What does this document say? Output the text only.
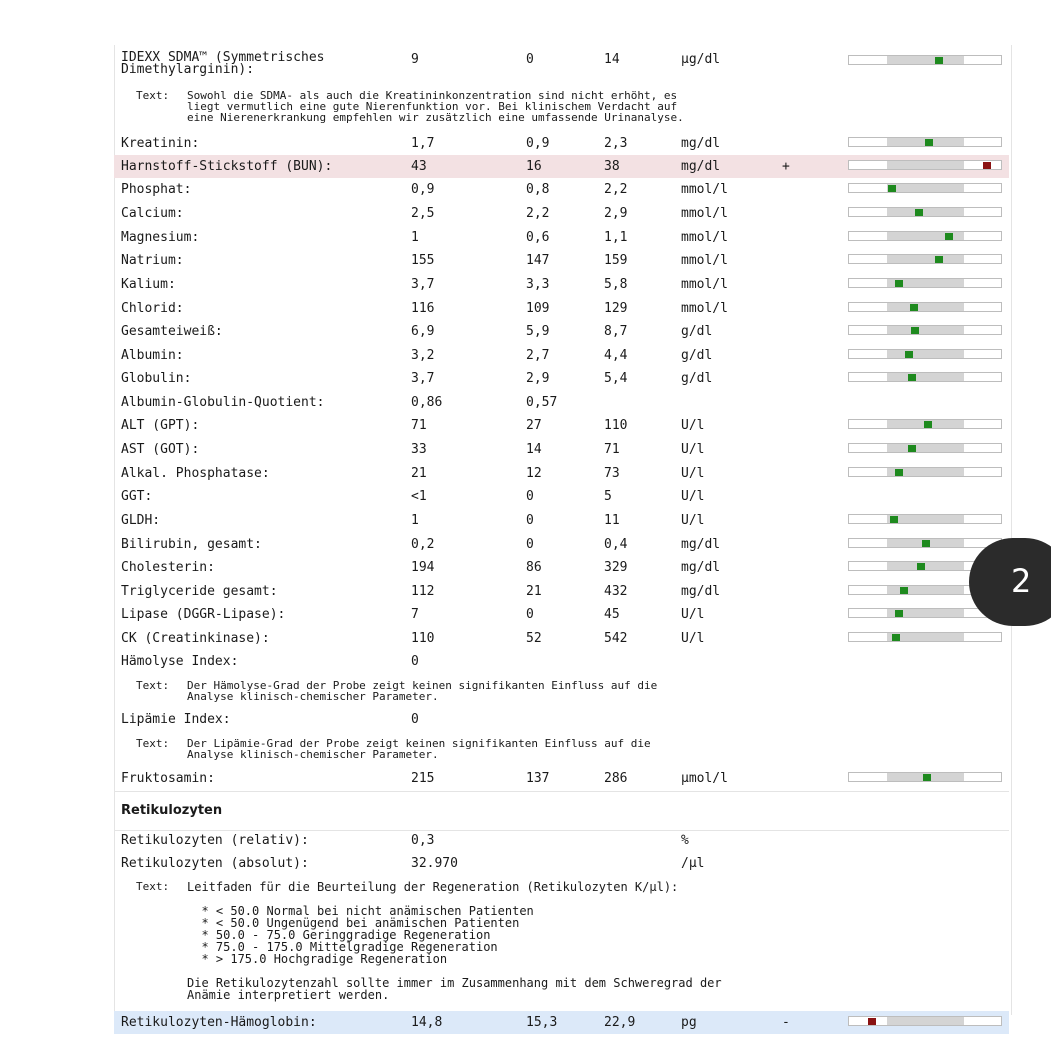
IDEXX SDMA™ (Symmetrisches Dimethylarginin):
9	0	14	µg/dl
Text: Sowohl die SDMA- als auch die Kreatininkonzentration sind nicht erhöht, es
liegt vermutlich eine gute Nierenfunktion vor. Bei klinischem Verdacht auf
eine Nierenerkrankung empfehlen wir zusätzlich eine umfassende Urinanalyse.
Kreatinin:	1,7	0,9	2,3	mg/dl
Harnstoff-Stickstoff (BUN):	43	16	38	mg/dl	+
Phosphat:	0,9	0,8	2,2	mmol/l
Calcium:	2,5	2,2	2,9	mmol/l
Magnesium:	1	0,6	1,1	mmol/l
Natrium:	155	147	159	mmol/l
Kalium:	3,7	3,3	5,8	mmol/l
Chlorid:	116	109	129	mmol/l
Gesamteiweiß:	6,9	5,9	8,7	g/dl
Albumin:	3,2	2,7	4,4	g/dl
Globulin:	3,7	2,9	5,4	g/dl
Albumin-Globulin-Quotient:	0,86	0,57
ALT (GPT):	71	27	110	U/l
AST (GOT):	33	14	71	U/l
Alkal. Phosphatase:	21	12	73	U/l
GGT:	<1	0	5	U/l
GLDH:	1	0	11	U/l
Bilirubin, gesamt:	0,2	0	0,4	mg/dl
Cholesterin:	194	86	329	mg/dl
Triglyceride gesamt:	112	21	432	mg/dl
Lipase (DGGR-Lipase):	7	0	45	U/l
CK (Creatinkinase):	110	52	542	U/l
Hämolyse Index:	0
Text: Der Hämolyse-Grad der Probe zeigt keinen signifikanten Einfluss auf die
Analyse klinisch-chemischer Parameter.
Lipämie Index:	0
Text: Der Lipämie-Grad der Probe zeigt keinen signifikanten Einfluss auf die
Analyse klinisch-chemischer Parameter.
Fruktosamin:	215	137	286	µmol/l
Retikulozyten
Retikulozyten (relativ):	0,3	%
Retikulozyten (absolut):	32.970	/µl
Text: Leitfaden für die Beurteilung der Regeneration (Retikulozyten K/µl):

* < 50.0 Normal bei nicht anämischen Patienten
* < 50.0 Ungenügend bei anämischen Patienten
* 50.0 - 75.0 Geringgradige Regeneration
* 75.0 - 175.0 Mittelgradige Regeneration
* > 175.0 Hochgradige Regeneration

Die Retikulozytenzahl sollte immer im Zusammenhang mit dem Schweregrad der
Anämie interpretiert werden.
Retikulozyten-Hämoglobin:	14,8	15,3	22,9	pg	-
2
